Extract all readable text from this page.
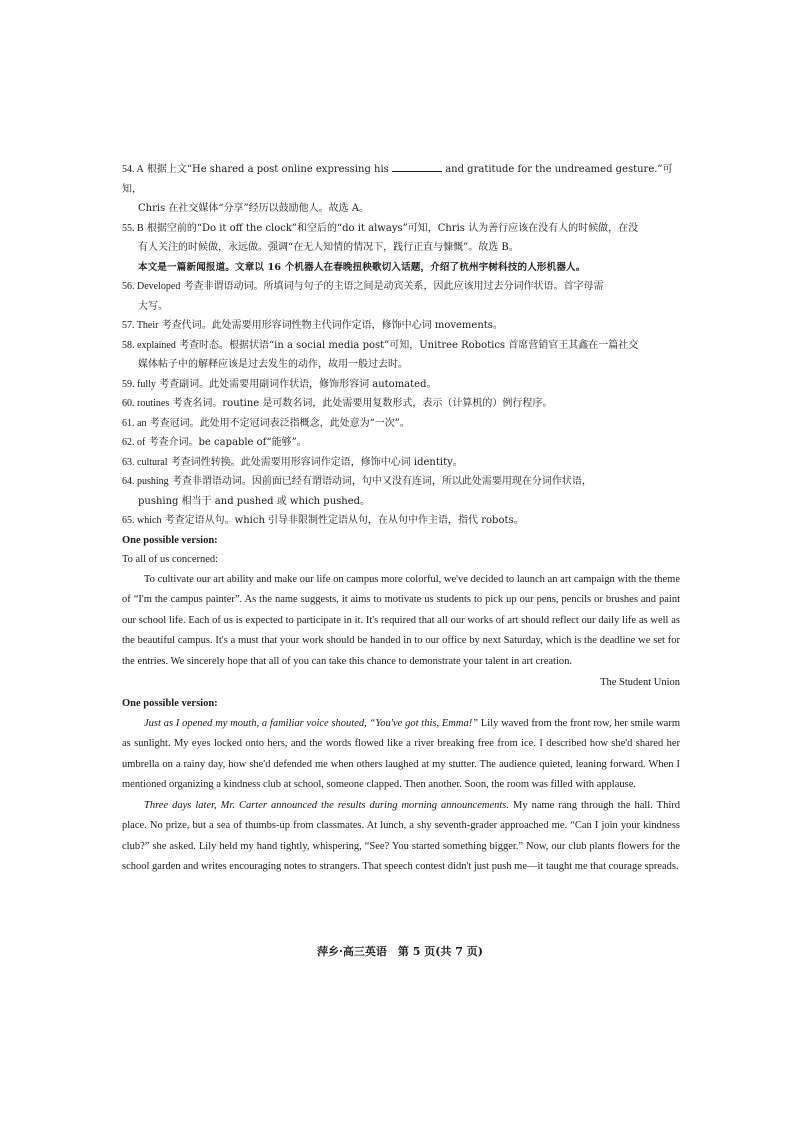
54. A 根据上文“He shared a post online expressing his	and gratitude for the undreamed gesture.”可知，
Chris 在社交媒体“分享”经历以鼓励他人。故选 A。

55. B 根据空前的“Do it off the clock”和空后的“do it always”可知，Chris 认为善行应该在没有人的时候做，在没
有人关注的时候做，永远做。强调“在无人知情的情况下，践行正直与慷慨”。故选 B。

本文是一篇新闻报道。文章以 16 个机器人在春晚扭秧歌切入话题，介绍了杭州宇树科技的人形机器人。

56. Developed 考查非谓语动词。所填词与句子的主语之间是动宾关系，因此应该用过去分词作状语。首字母需
大写。

57. Their 考查代词。此处需要用形容词性物主代词作定语，修饰中心词 movements。

58. explained 考查时态。根据状语“in a social media post”可知，Unitree Robotics 首席营销官王其鑫在一篇社交
媒体帖子中的解释应该是过去发生的动作，故用一般过去时。

59. fully 考查副词。此处需要用副词作状语，修饰形容词 automated。

60. routines 考查名词。routine 是可数名词，此处需要用复数形式，表示（计算机的）例行程序。

61. an 考查冠词。此处用不定冠词表泛指概念，此处意为“一次”。

62. of 考查介词。be capable of“能够”。

63. cultural 考查词性转换。此处需要用形容词作定语，修饰中心词 identity。

64. pushing 考查非谓语动词。因前面已经有谓语动词，句中又没有连词，所以此处需要用现在分词作状语，
pushing 相当于 and pushed 或 which pushed。

65. which 考查定语从句。which 引导非限制性定语从句，在从句中作主语，指代 robots。

One possible version:

To all of us concerned:

To cultivate our art ability and make our life on campus more colorful, we've decided to launch an art campaign with the theme of “I'm the campus painter”. As the name suggests, it aims to motivate us students to pick up our pens, pencils or brushes and paint our school life. Each of us is expected to participate in it. It's required that all our works of art should reflect our daily life as well as the beautiful campus. It's a must that your work should be handed in to our office by next Saturday, which is the deadline we set for the entries. We sincerely hope that all of you can take this chance to demonstrate your talent in art creation.

The Student Union

One possible version:

Just as I opened my mouth, a familiar voice shouted, “You've got this, Emma!” Lily waved from the front row, her smile warm as sunlight. My eyes locked onto hers, and the words flowed like a river breaking free from ice. I described how she'd shared her umbrella on a rainy day, how she'd defended me when others laughed at my stutter. The audience quieted, leaning forward. When I mentioned organizing a kindness club at school, someone clapped. Then another. Soon, the room was filled with applause.

Three days later, Mr. Carter announced the results during morning announcements. My name rang through the hall. Third place. No prize, but a sea of thumbs-up from classmates. At lunch, a shy seventh-grader approached me. “Can I join your kindness club?” she asked. Lily held my hand tightly, whispering, “See? You started something bigger.” Now, our club plants flowers for the school garden and writes encouraging notes to strangers. That speech contest didn't just push me—it taught me that courage spreads.

萍乡·高三英语　第 5 页(共 7 页)
